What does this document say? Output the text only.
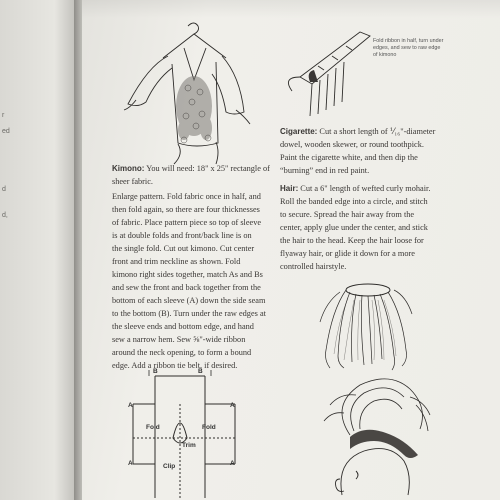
r
ed
d
d,
Fold ribbon in half, turn under
edges, and sew to raw edge
of kimono
Cigarette: Cut a short length of ⅟₁₆"-diameter
dowel, wooden skewer, or round toothpick.
Paint the cigarette white, and then dip the
“burning” end in red paint.
Kimono: You will need: 18" x 25" rectangle of sheer fabric.
Enlarge pattern. Fold fabric once in half, and
then fold again, so there are four thicknesses
of fabric. Place pattern piece so top of sleeve
is at double folds and front/back line is on
the single fold. Cut out kimono. Cut center
front and trim neckline as shown. Fold
kimono right sides together, match As and Bs
and sew the front and back together from the
bottom of each sleeve (A) down the side seam
to the bottom (B). Turn under the raw edges at
the sleeve ends and bottom edge, and hand
sew a narrow hem. Sew ⅝"-wide ribbon
around the neck opening, to form a bound
edge. Add a ribbon tie belt, if desired.
Hair: Cut a 6" length of wefted curly mohair.
Roll the banded edge into a circle, and stitch
to secure. Spread the hair away from the
center, apply glue under the center, and stick
the hair to the head. Keep the hair loose for
flyaway hair, or glide it down for a more
controlled hairstyle.
B	B
A	A
Fold	Fold
Trim
A	A
Clip
